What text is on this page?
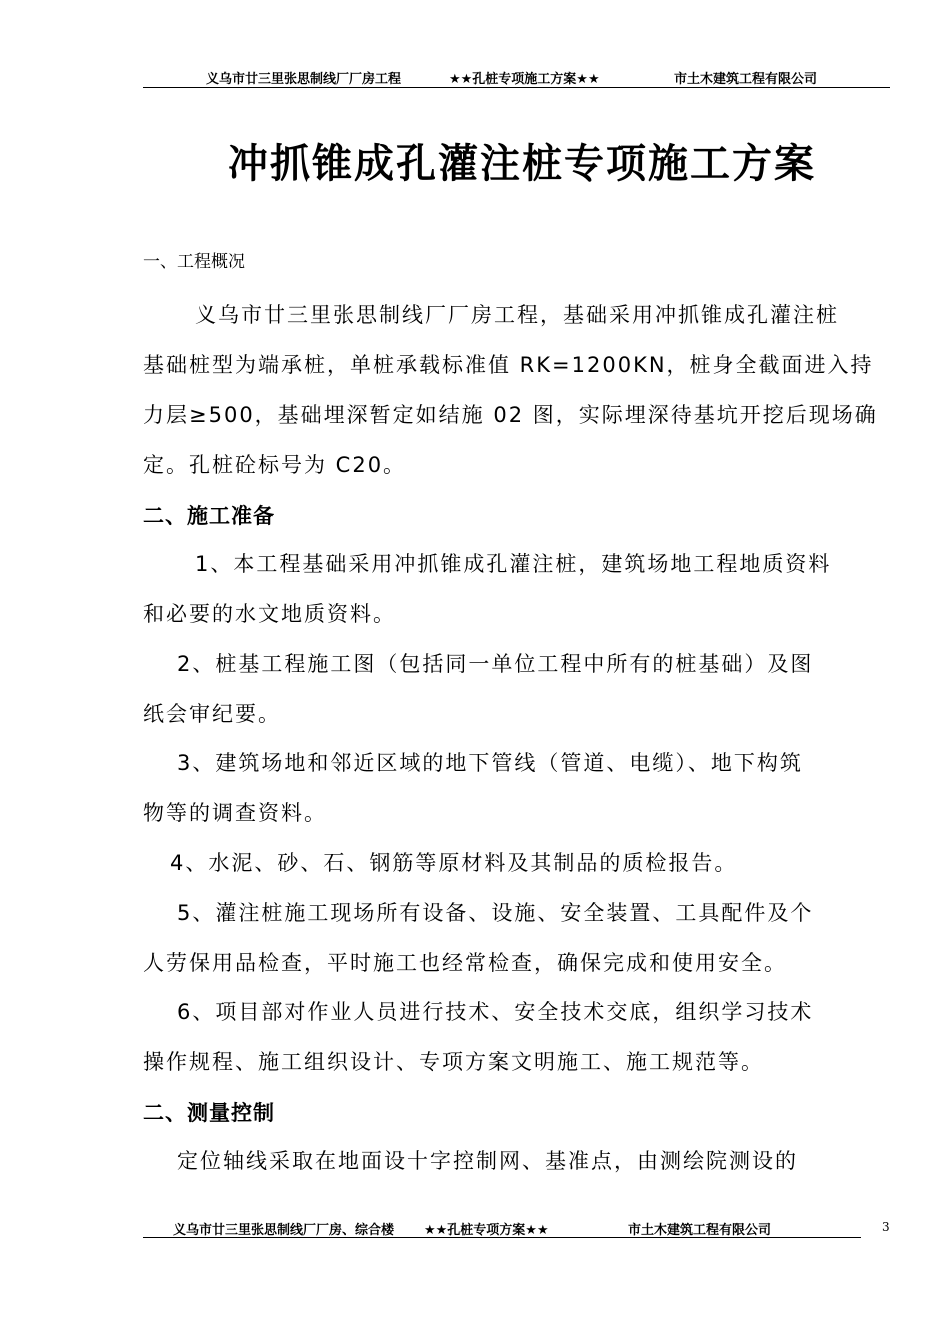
义乌市廿三里张思制线厂厂房工程	★★孔桩专项施工方案★★	市土木建筑工程有限公司
冲抓锥成孔灌注桩专项施工方案
一、工程概况
义乌市廿三里张思制线厂厂房工程，基础采用冲抓锥成孔灌注桩
基础桩型为端承桩，单桩承载标准值 RK=1200KN，桩身全截面进入持
力层≥500，基础埋深暂定如结施 02 图，实际埋深待基坑开挖后现场确
定。孔桩砼标号为 C20。
二、施工准备
1、本工程基础采用冲抓锥成孔灌注桩，建筑场地工程地质资料
和必要的水文地质资料。
2、桩基工程施工图（包括同一单位工程中所有的桩基础）及图
纸会审纪要。
3、建筑场地和邻近区域的地下管线（管道、电缆）、地下构筑
物等的调查资料。
4、水泥、砂、石、钢筋等原材料及其制品的质检报告。
5、灌注桩施工现场所有设备、设施、安全装置、工具配件及个
人劳保用品检查，平时施工也经常检查，确保完成和使用安全。
6、项目部对作业人员进行技术、安全技术交底，组织学习技术
操作规程、施工组织设计、专项方案文明施工、施工规范等。
二、测量控制
定位轴线采取在地面设十字控制网、基准点，由测绘院测设的
义乌市廿三里张思制线厂厂房、综合楼 ★★孔桩专项方案★★	市土木建筑工程有限公司	3
